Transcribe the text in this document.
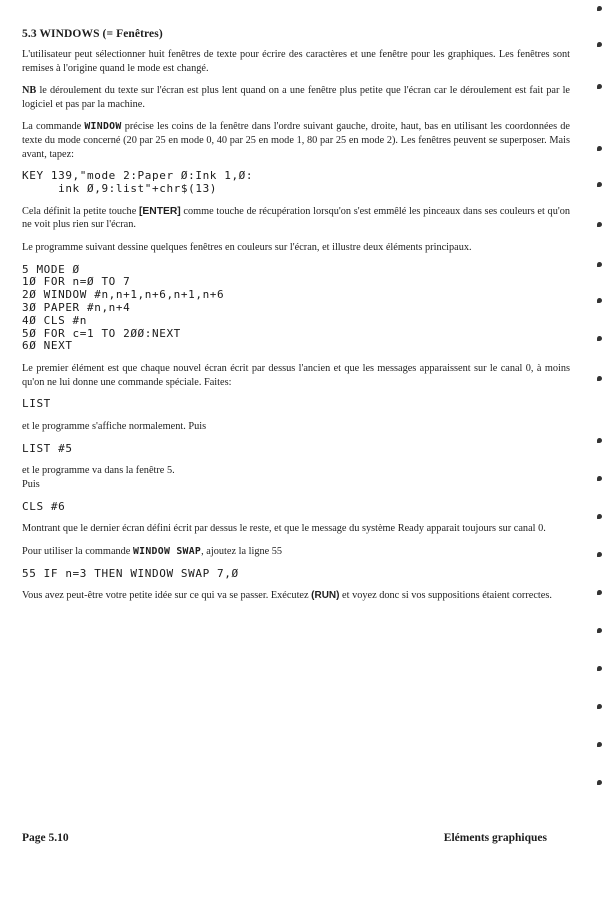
5.3 WINDOWS (= Fenêtres)

L'utilisateur peut sélectionner huit fenêtres de texte pour écrire des caractères et une fenêtre pour les graphiques. Les fenêtres sont remises à l'origine quand le mode est changé.

NB le déroulement du texte sur l'écran est plus lent quand on a une fenêtre plus petite que l'écran car le déroulement est fait par le logiciel et pas par la machine.

La commande WINDOW précise les coins de la fenêtre dans l'ordre suivant gauche, droite, haut, bas en utilisant les coordonnées de texte du mode concerné (20 par 25 en mode 0, 40 par 25 en mode 1, 80 par 25 en mode 2). Les fenêtres peuvent se superposer. Mais avant, tapez:

KEY 139,"mode 2:Paper Ø:Ink 1,Ø:
ink Ø,9:list"+chr$(13)

Cela définit la petite touche [ENTER] comme touche de récupération lorsqu'on s'est emmêlé les pinceaux dans ses couleurs et qu'on ne voit plus rien sur l'écran.

Le programme suivant dessine quelques fenêtres en couleurs sur l'écran, et illustre deux éléments principaux.

5 MODE Ø
1Ø FOR n=Ø TO 7
2Ø WINDOW #n,n+1,n+6,n+1,n+6
3Ø PAPER #n,n+4
4Ø CLS #n
5Ø FOR c=1 TO 2ØØ:NEXT
6Ø NEXT

Le premier élément est que chaque nouvel écran écrit par dessus l'ancien et que les messages apparaissent sur le canal 0, à moins qu'on ne lui donne une commande spéciale. Faites:

LIST

et le programme s'affiche normalement. Puis

LIST #5

et le programme va dans la fenêtre 5.
Puis

CLS #6

Montrant que le dernier écran défini écrit par dessus le reste, et que le message du système Ready apparait toujours sur canal 0.

Pour utiliser la commande WINDOW SWAP, ajoutez la ligne 55

55 IF n=3 THEN WINDOW SWAP 7,Ø

Vous avez peut-être votre petite idée sur ce qui va se passer. Exécutez (RUN) et voyez donc si vos suppositions étaient correctes.

Page 5.10	Eléments graphiques
